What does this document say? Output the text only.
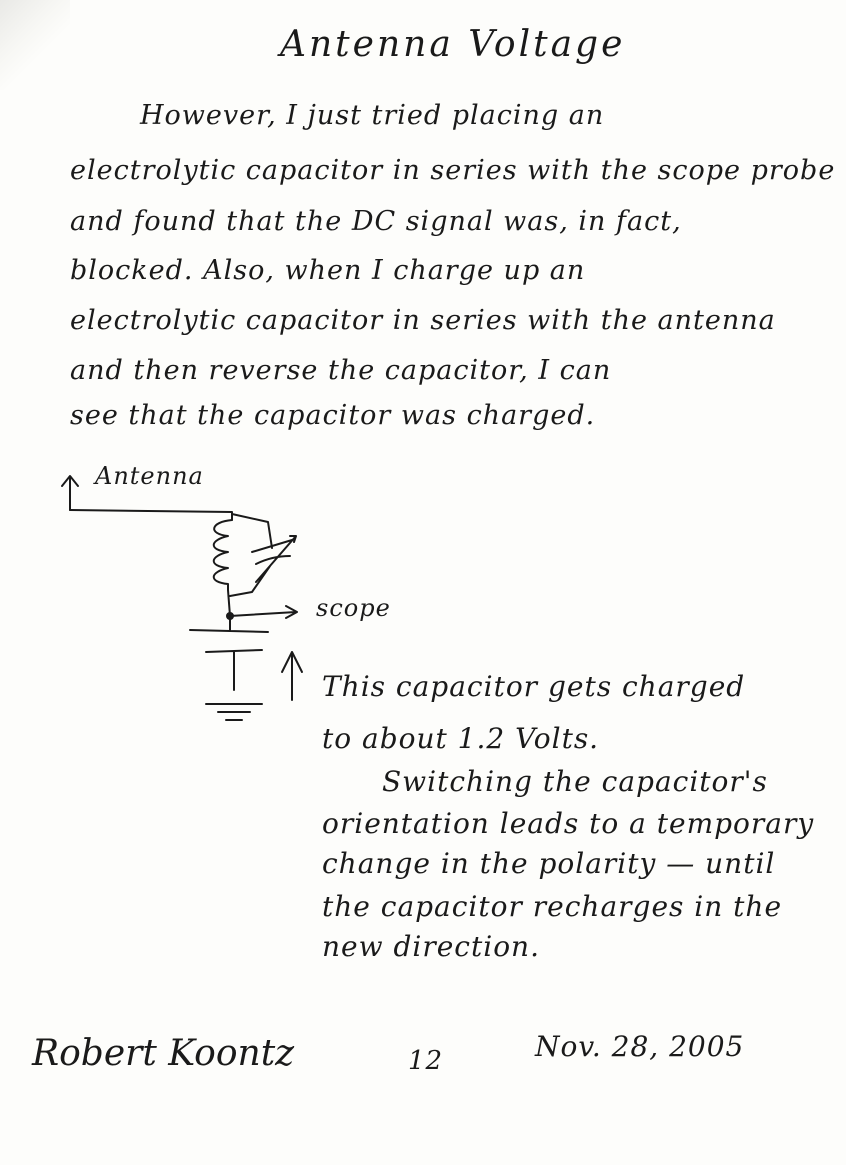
Antenna Voltage
However, I just tried placing an
electrolytic capacitor in series with the scope probe
and found that the DC signal was, in fact,
blocked. Also, when I charge up an
electrolytic capacitor in series with the antenna
and then reverse the capacitor, I can
see that the capacitor was charged.
Antenna
scope
This capacitor gets charged
to about 1.2 Volts.
Switching the capacitor's
orientation leads to a temporary
change in the polarity — until
the capacitor recharges in the
new direction.
Robert Koontz	12	Nov. 28, 2005
